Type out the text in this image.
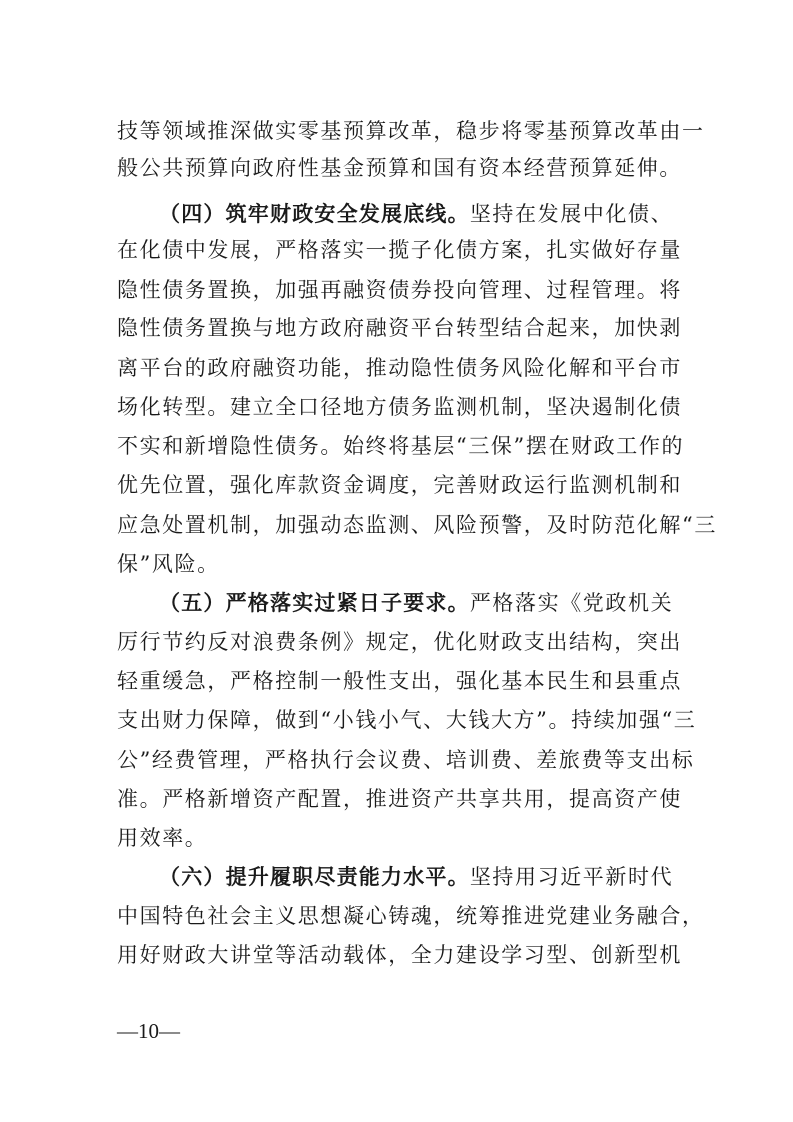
技等领域推深做实零基预算改革，稳步将零基预算改革由一
般公共预算向政府性基金预算和国有资本经营预算延伸。
（四）筑牢财政安全发展底线。坚持在发展中化债、
在化债中发展，严格落实一揽子化债方案，扎实做好存量
隐性债务置换，加强再融资债券投向管理、过程管理。将
隐性债务置换与地方政府融资平台转型结合起来，加快剥
离平台的政府融资功能，推动隐性债务风险化解和平台市
场化转型。建立全口径地方债务监测机制，坚决遏制化债
不实和新增隐性债务。始终将基层“三保”摆在财政工作的
优先位置，强化库款资金调度，完善财政运行监测机制和
应急处置机制，加强动态监测、风险预警，及时防范化解“三
保”风险。
（五）严格落实过紧日子要求。严格落实《党政机关
厉行节约反对浪费条例》规定，优化财政支出结构，突出
轻重缓急，严格控制一般性支出，强化基本民生和县重点
支出财力保障，做到“小钱小气、大钱大方”。持续加强“三
公”经费管理，严格执行会议费、培训费、差旅费等支出标
准。严格新增资产配置，推进资产共享共用，提高资产使
用效率。
（六）提升履职尽责能力水平。坚持用习近平新时代
中国特色社会主义思想凝心铸魂，统筹推进党建业务融合，
用好财政大讲堂等活动载体，全力建设学习型、创新型机
—10—
